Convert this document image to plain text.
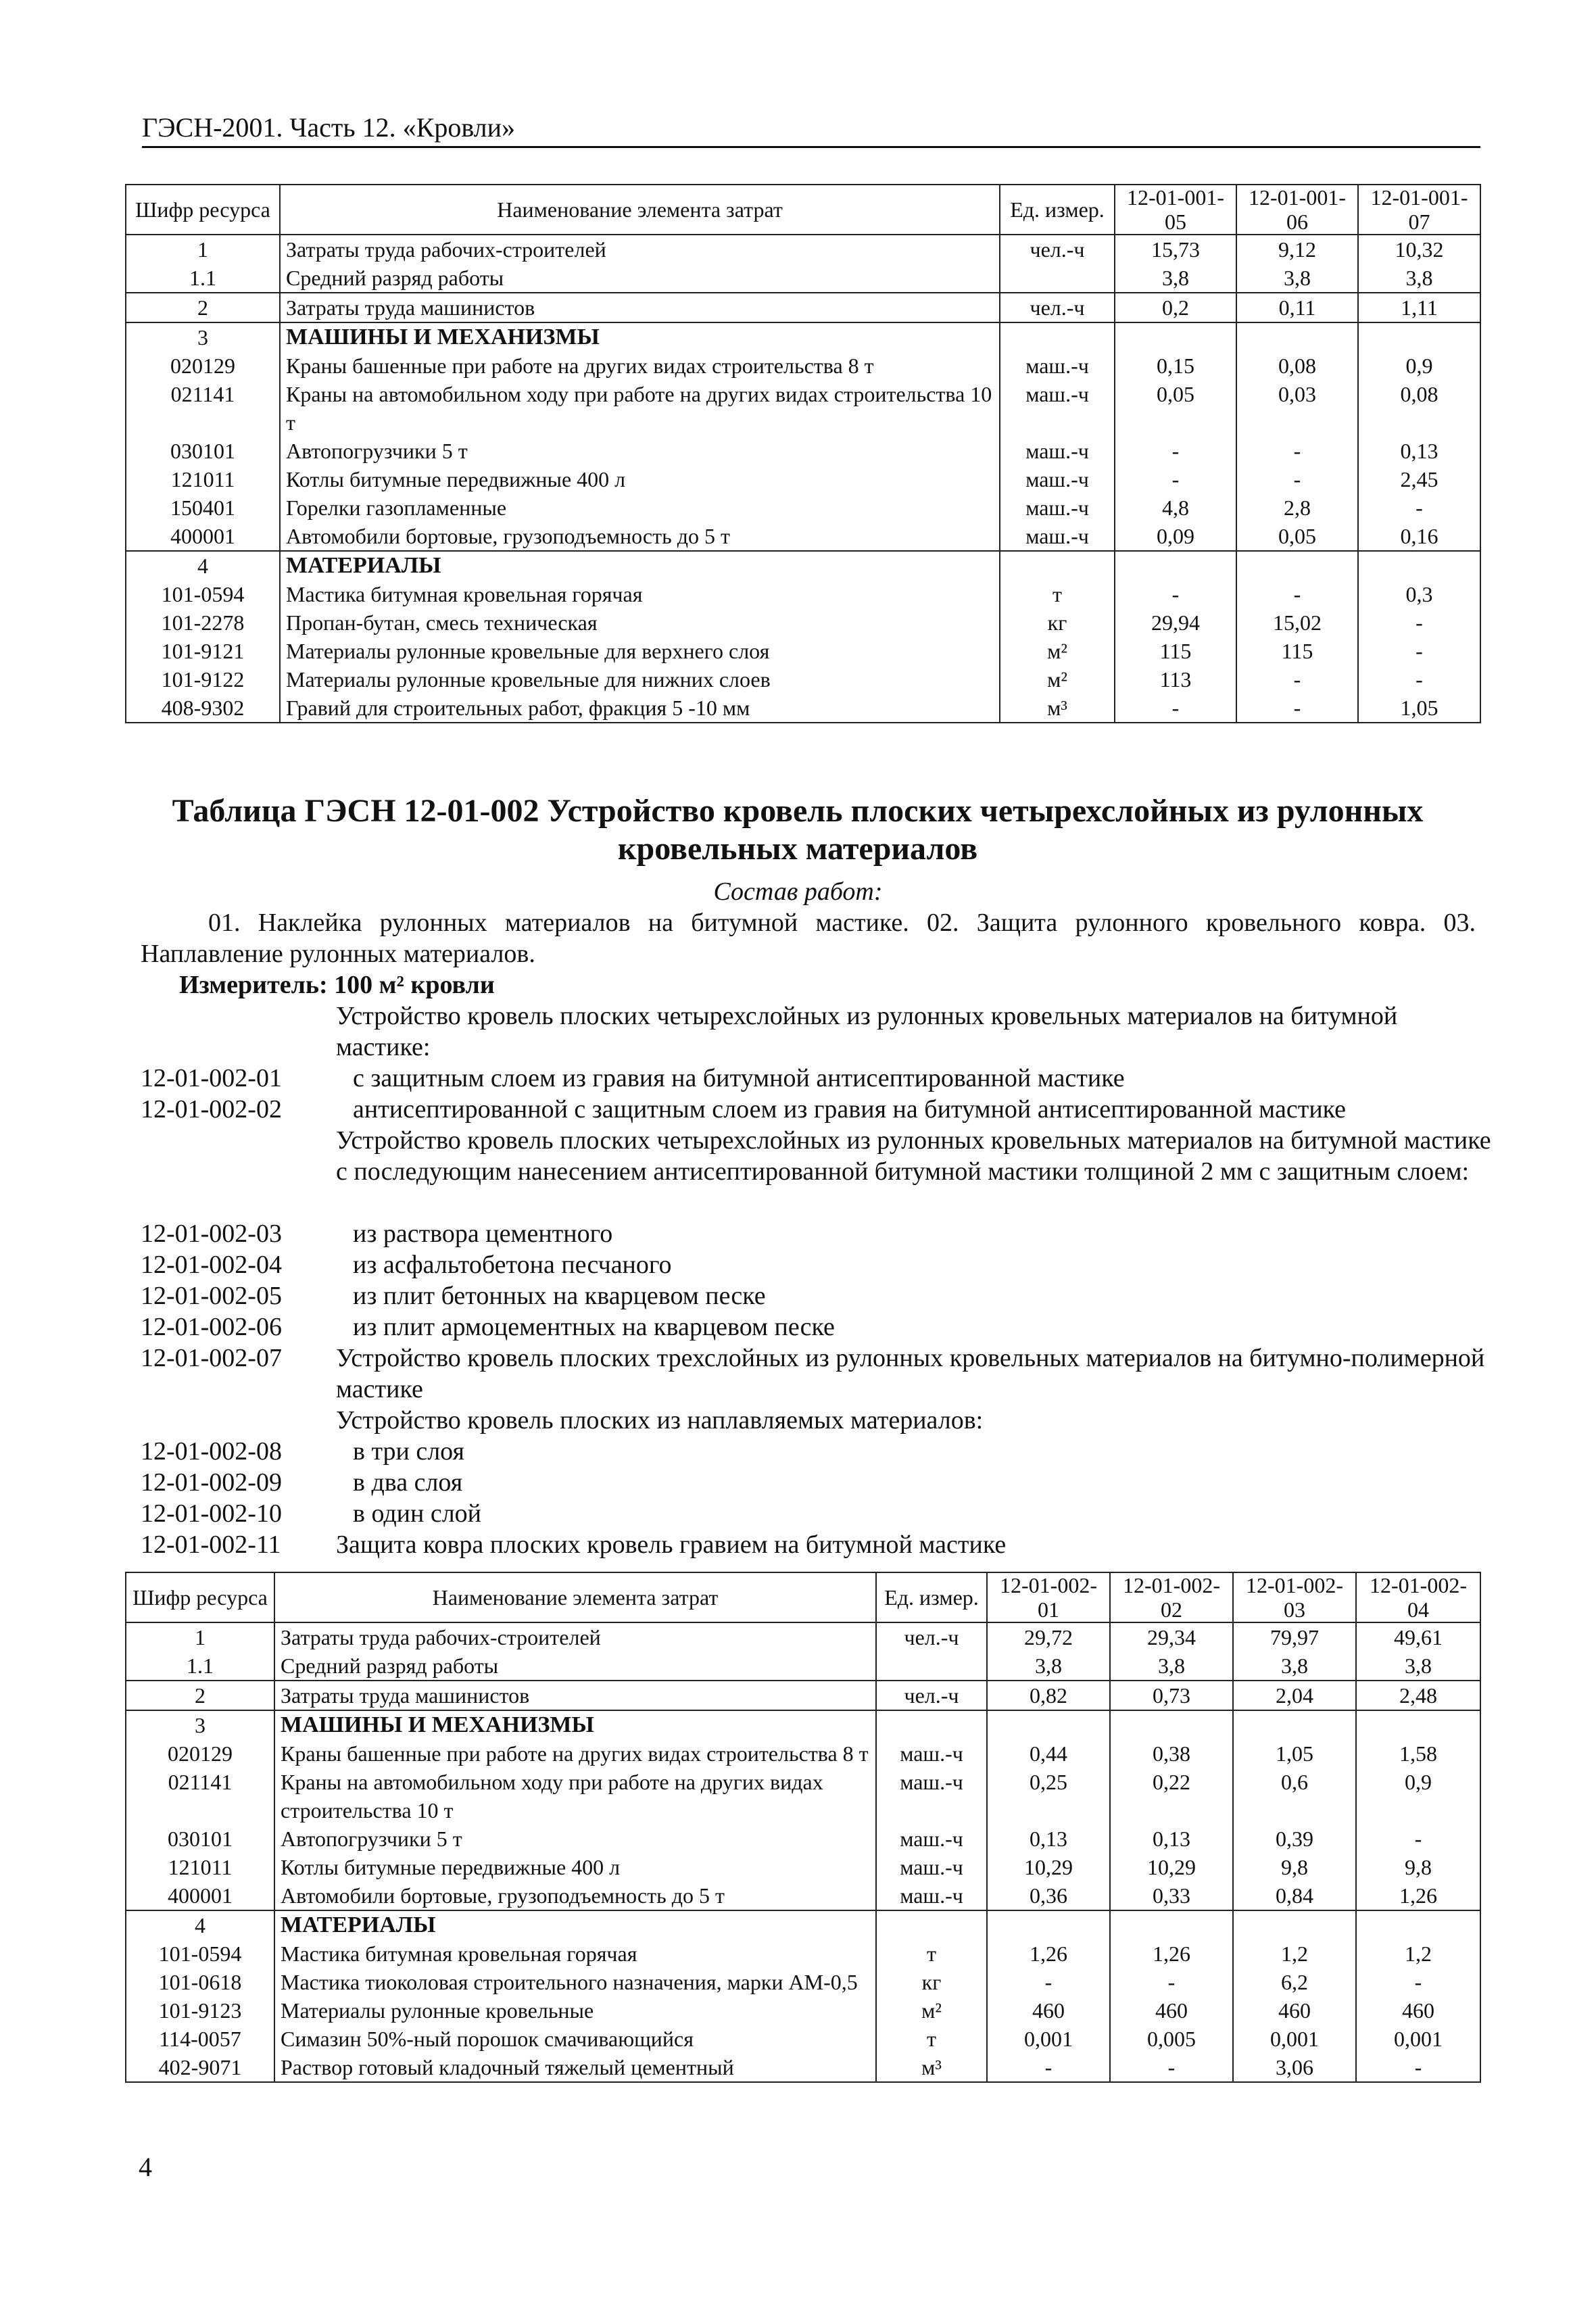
ГЭСН-2001. Часть 12. «Кровли»
Шифр ресурса	Наименование элемента затрат	Ед. измер.	12-01-001-05	12-01-001-06	12-01-001-07
1	Затраты труда рабочих-строителей	чел.-ч	15,73	9,12	10,32
1.1	Средний разряд работы		3,8	3,8	3,8
2	Затраты труда машинистов	чел.-ч	0,2	0,11	1,11
3	МАШИНЫ И МЕХАНИЗМЫ				
020129	Краны башенные при работе на других видах строительства 8 т	маш.-ч	0,15	0,08	0,9
021141	Краны на автомобильном ходу при работе на других видах строительства 10 т	маш.-ч	0,05	0,03	0,08
030101	Автопогрузчики 5 т	маш.-ч	-	-	0,13
121011	Котлы битумные передвижные 400 л	маш.-ч	-	-	2,45
150401	Горелки газопламенные	маш.-ч	4,8	2,8	-
400001	Автомобили бортовые, грузоподъемность до 5 т	маш.-ч	0,09	0,05	0,16
4	МАТЕРИАЛЫ				
101-0594	Мастика битумная кровельная горячая	т	-	-	0,3
101-2278	Пропан-бутан, смесь техническая	кг	29,94	15,02	-
101-9121	Материалы рулонные кровельные для верхнего слоя	м²	115	115	-
101-9122	Материалы рулонные кровельные для нижних слоев	м²	113	-	-
408-9302	Гравий для строительных работ, фракция 5 -10 мм	м³	-	-	1,05
Таблица ГЭСН 12-01-002 Устройство кровель плоских четырехслойных из рулонных кровельных материалов
Состав работ:
01. Наклейка рулонных материалов на битумной мастике. 02. Защита рулонного кровельного ковра. 03. Наплавление рулонных материалов.
Измеритель: 100 м² кровли
Устройство кровель плоских четырехслойных из рулонных кровельных материалов на битумной мастике:
12-01-002-01	с защитным слоем из гравия на битумной антисептированной мастике
12-01-002-02	антисептированной с защитным слоем из гравия на битумной антисептированной мастике
Устройство кровель плоских четырехслойных из рулонных кровельных материалов на битумной мастике с последующим нанесением антисептированной битумной мастики толщиной 2 мм с защитным слоем:
12-01-002-03	из раствора цементного
12-01-002-04	из асфальтобетона песчаного
12-01-002-05	из плит бетонных на кварцевом песке
12-01-002-06	из плит армоцементных на кварцевом песке
12-01-002-07 Устройство кровель плоских трехслойных из рулонных кровельных материалов на битумно-полимерной мастике
Устройство кровель плоских из наплавляемых материалов:
12-01-002-08	в три слоя
12-01-002-09	в два слоя
12-01-002-10	в один слой
12-01-002-11 Защита ковра плоских кровель гравием на битумной мастике
Шифр ресурса	Наименование элемента затрат	Ед. измер.	12-01-002-01	12-01-002-02	12-01-002-03	12-01-002-04
1	Затраты труда рабочих-строителей	чел.-ч	29,72	29,34	79,97	49,61
1.1	Средний разряд работы		3,8	3,8	3,8	3,8
2	Затраты труда машинистов	чел.-ч	0,82	0,73	2,04	2,48
3	МАШИНЫ И МЕХАНИЗМЫ					
020129	Краны башенные при работе на других видах строительства 8 т	маш.-ч	0,44	0,38	1,05	1,58
021141	Краны на автомобильном ходу при работе на других видах строительства 10 т	маш.-ч	0,25	0,22	0,6	0,9
030101	Автопогрузчики 5 т	маш.-ч	0,13	0,13	0,39	-
121011	Котлы битумные передвижные 400 л	маш.-ч	10,29	10,29	9,8	9,8
400001	Автомобили бортовые, грузоподъемность до 5 т	маш.-ч	0,36	0,33	0,84	1,26
4	МАТЕРИАЛЫ					
101-0594	Мастика битумная кровельная горячая	т	1,26	1,26	1,2	1,2
101-0618	Мастика тиоколовая строительного назначения, марки АМ-0,5	кг	-	-	6,2	-
101-9123	Материалы рулонные кровельные	м²	460	460	460	460
114-0057	Симазин 50%-ный порошок смачивающийся	т	0,001	0,005	0,001	0,001
402-9071	Раствор готовый кладочный тяжелый цементный	м³	-	-	3,06	-
4
